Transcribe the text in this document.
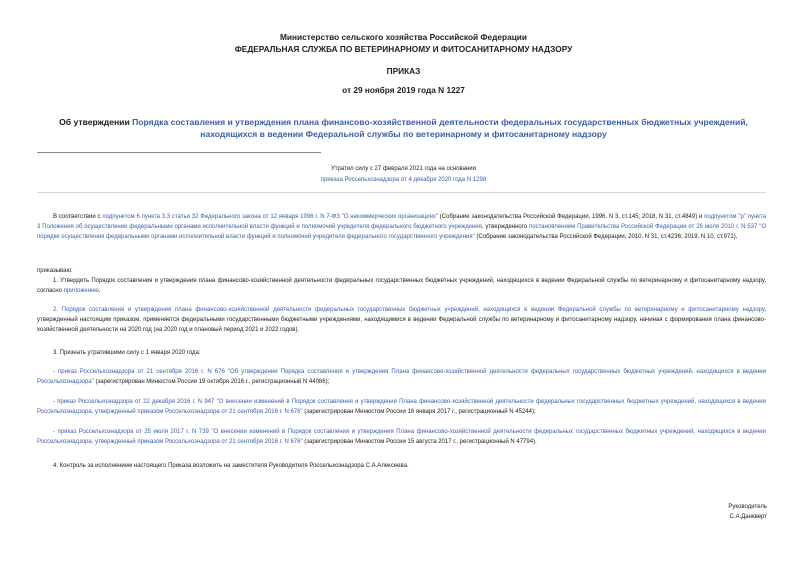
Министерство сельского хозяйства Российской Федерации
ФЕДЕРАЛЬНАЯ СЛУЖБА ПО ВЕТЕРИНАРНОМУ И ФИТОСАНИТАРНОМУ НАДЗОРУ
ПРИКАЗ
от 29 ноября 2019 года N 1227
Об утверждении Порядка составления и утверждения плана финансово-хозяйственной деятельности федеральных государственных бюджетных учреждений,
находящихся в ведении Федеральной службы по ветеринарному и фитосанитарному надзору
Утратил силу с 27 февраля 2021 года на основании
приказа Россельхознадзора от 4 декабря 2020 года N 1298
В соответствии с подпунктом 6 пункта 3.3 статьи 32 Федерального закона от 12 января 1996 г. N 7-ФЗ "О некоммерческих организациях" (Собрание законодательства Российской Федерации, 1996, N 3, ст.145; 2018, N 31, ст.4849) и подпунктом "р" пункта 3 Положения об осуществлении федеральными органами исполнительной власти функций и полномочий учредителя федерального бюджетного учреждения, утвержденного постановлением Правительства Российской Федерации от 26 июля 2010 г. N 537 "О порядке осуществления федеральными органами исполнительной власти функций и полномочий учредителя федерального государственного учреждения" (Собрание законодательства Российской Федерации, 2010, N 31, ст.4236; 2019, N 10, ст.971),
приказываю:
1. Утвердить Порядок составления и утверждения плана финансово-хозяйственной деятельности федеральных государственных бюджетных учреждений, находящихся в ведении Федеральной службы по ветеринарному и фитосанитарному надзору, согласно приложению.
2. Порядок составления и утверждения плана финансово-хозяйственной деятельности федеральных государственных бюджетных учреждений, находящихся в ведении Федеральной службы по ветеринарному и фитосанитарному надзору, утвержденный настоящим приказом, применяется федеральными государственными бюджетными учреждениями, находящимися в ведении Федеральной службы по ветеринарному и фитосанитарному надзору, начиная с формирования плана финансово-хозяйственной деятельности на 2020 год (на 2020 год и плановый период 2021 и 2022 годов).
3. Признать утратившими силу с 1 января 2020 года:
- приказ Россельхознадзора от 21 сентября 2016 г. N 676 "Об утверждении Порядка составления и утверждения Плана финансово-хозяйственной деятельности федеральных государственных бюджетных учреждений, находящихся в ведении Россельхознадзора" (зарегистрирован Минюстом России 19 октября 2016 г., регистрационный N 44086);
- приказ Россельхознадзора от 22 декабря 2016 г. N 947 "О внесении изменений в Порядок составления и утверждения Плана финансово-хозяйственной деятельности федеральных государственных бюджетных учреждений, находящихся в ведении Россельхознадзора, утвержденный приказом Россельхознадзора от 21 сентября 2016 г. N 676" (зарегистрирован Минюстом России 16 января 2017 г., регистрационный N 45244);
- приказ Россельхознадзора от 25 июля 2017 г. N 739 "О внесении изменений в Порядок составления и утверждения Плана финансово-хозяйственной деятельности федеральных государственных бюджетных учреждений, находящихся в ведении Россельхознадзора, утвержденный приказом Россельхознадзора от 21 сентября 2016 г. N 676" (зарегистрирован Минюстом России 15 августа 2017 г., регистрационный N 47794).
4. Контроль за исполнением настоящего Приказа возложить на заместителя Руководителя Россельхознадзора С.А.Алексеева.
Руководитель
С.А.Данкверт
